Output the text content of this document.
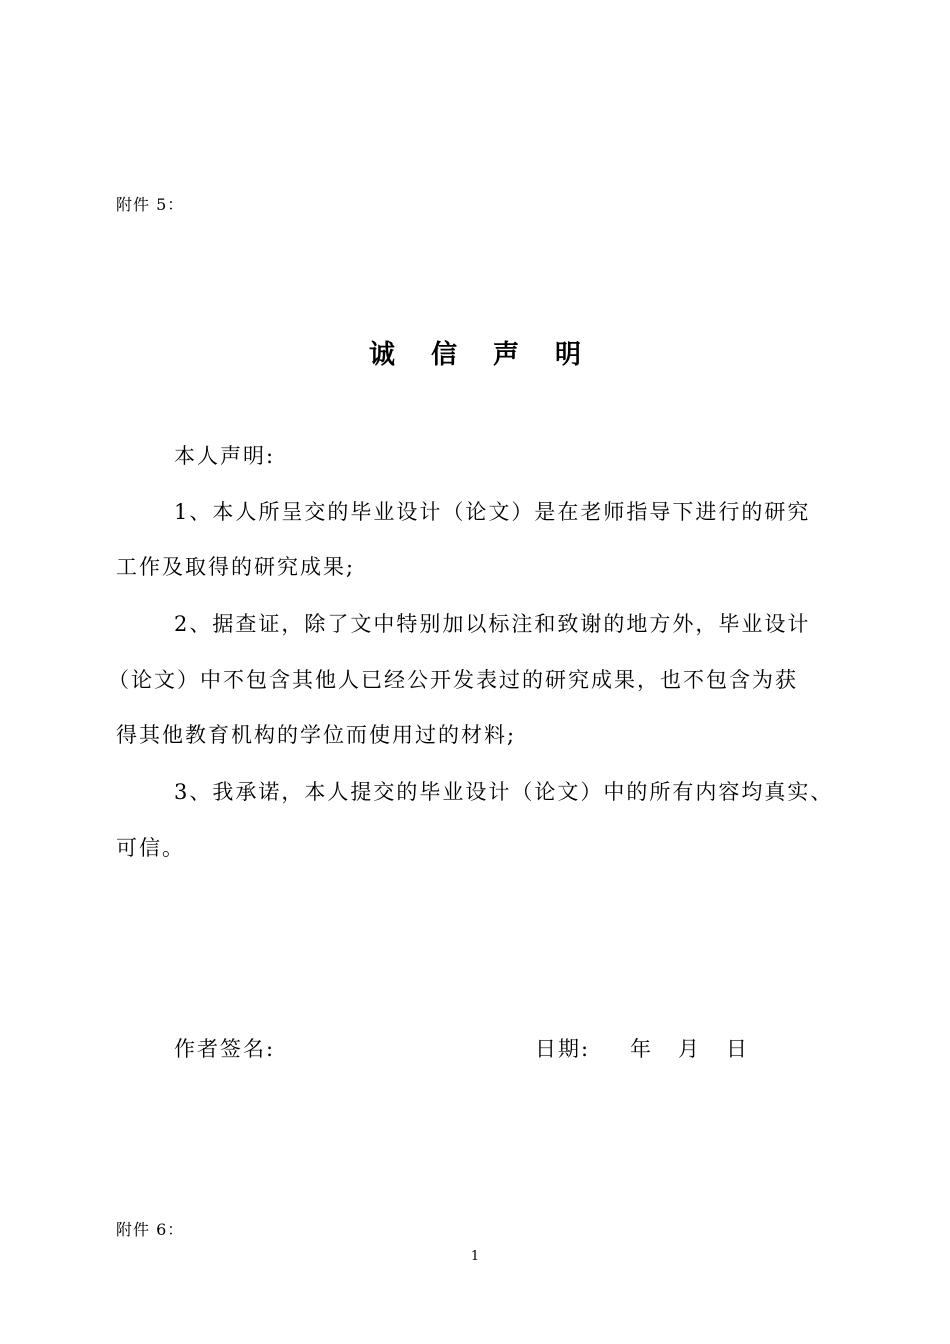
附件 5：
诚 信 声 明
本人声明:
1、本人所呈交的毕业设计（论文）是在老师指导下进行的研究
工作及取得的研究成果;
2、据查证，除了文中特别加以标注和致谢的地方外，毕业设计
（论文）中不包含其他人已经公开发表过的研究成果，也不包含为获
得其他教育机构的学位而使用过的材料;
3、我承诺，本人提交的毕业设计（论文）中的所有内容均真实、
可信。
作者签名:	日期: 年 月 日
附件 6：
1
